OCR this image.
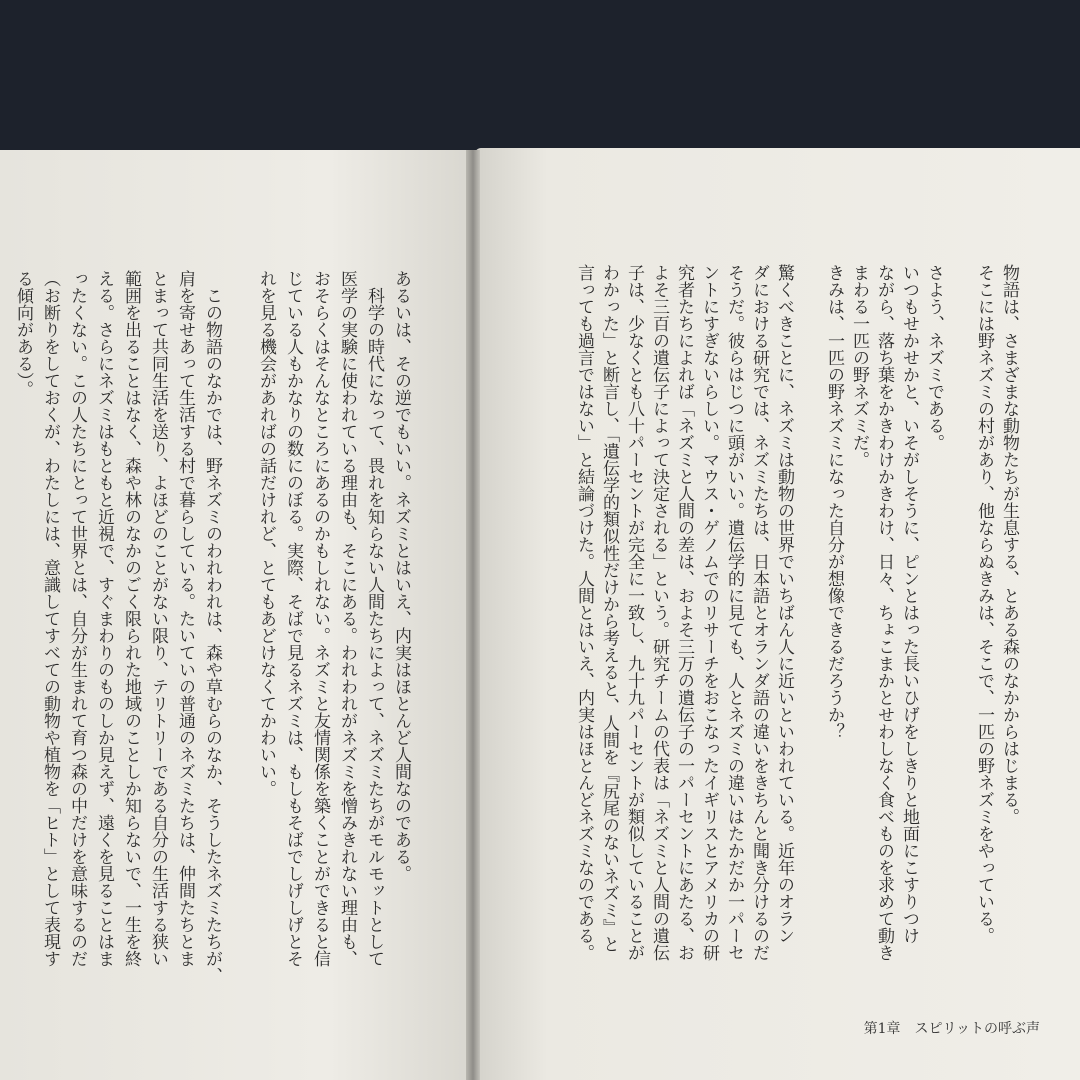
あるいは、その逆でもいい。ネズミとはいえ、内実はほとんど人間なのである。
　科学の時代になって、畏れを知らない人間たちによって、ネズミたちがモルモットとして
医学の実験に使われている理由も、そこにある。われわれがネズミを憎みきれない理由も、
おそらくはそんなところにあるのかもしれない。ネズミと友情関係を築くことができると信
じている人もかなりの数にのぼる。実際、そばで見るネズミは、もしもそばでしげしげとそ
れを見る機会があればの話だけれど、とてもあどけなくてかわいい。
　この物語のなかでは、野ネズミのわれわれは、森や草むらのなか、そうしたネズミたちが、
肩を寄せあって生活する村で暮らしている。たいていの普通のネズミたちは、仲間たちとま
とまって共同生活を送り、よほどのことがない限り、テリトリーである自分の生活する狭い
範囲を出ることはなく、森や林のなかのごく限られた地域のことしか知らないで、一生を終
える。さらにネズミはもともと近視で、すぐまわりのものしか見えず、遠くを見ることはま
ったくない。この人たちにとって世界とは、自分が生まれて育つ森の中だけを意味するのだ
（お断りをしておくが、わたしには、意識してすべての動物や植物を「ヒト」として表現す
る傾向がある）。	物語は、さまざまな動物たちが生息する、とある森のなかからはじまる。
そこには野ネズミの村があり、他ならぬきみは、そこで、一匹の野ネズミをやっている。
さよう、ネズミである。
いつもせかせかと、いそがしそうに、ピンとはった長いひげをしきりと地面にこすりつけ
ながら、落ち葉をかきわけかきわけ、日々、ちょこまかとせわしなく食べものを求めて動き
まわる一匹の野ネズミだ。
きみは、一匹の野ネズミになった自分が想像できるだろうか？
驚くべきことに、ネズミは動物の世界でいちばん人に近いといわれている。近年のオラン
ダにおける研究では、ネズミたちは、日本語とオランダ語の違いをきちんと聞き分けるのだ
そうだ。彼らはじつに頭がいい。遺伝学的に見ても、人とネズミの違いはたかだか一パーセ
ントにすぎないらしい。マウス・ゲノムでのリサーチをおこなったイギリスとアメリカの研
究者たちによれば「ネズミと人間の差は、およそ三万の遺伝子の一パーセントにあたる、お
よそ三百の遺伝子によって決定される」という。研究チームの代表は「ネズミと人間の遺伝
子は、少なくとも八十パーセントが完全に一致し、九十九パーセントが類似していることが
わかった」と断言し、「遺伝学的類似性だけから考えると、人間を『尻尾のないネズミ』と
言っても過言ではない」と結論づけた。人間とはいえ、内実はほとんどネズミなのである。
第1章　スピリットの呼ぶ声
